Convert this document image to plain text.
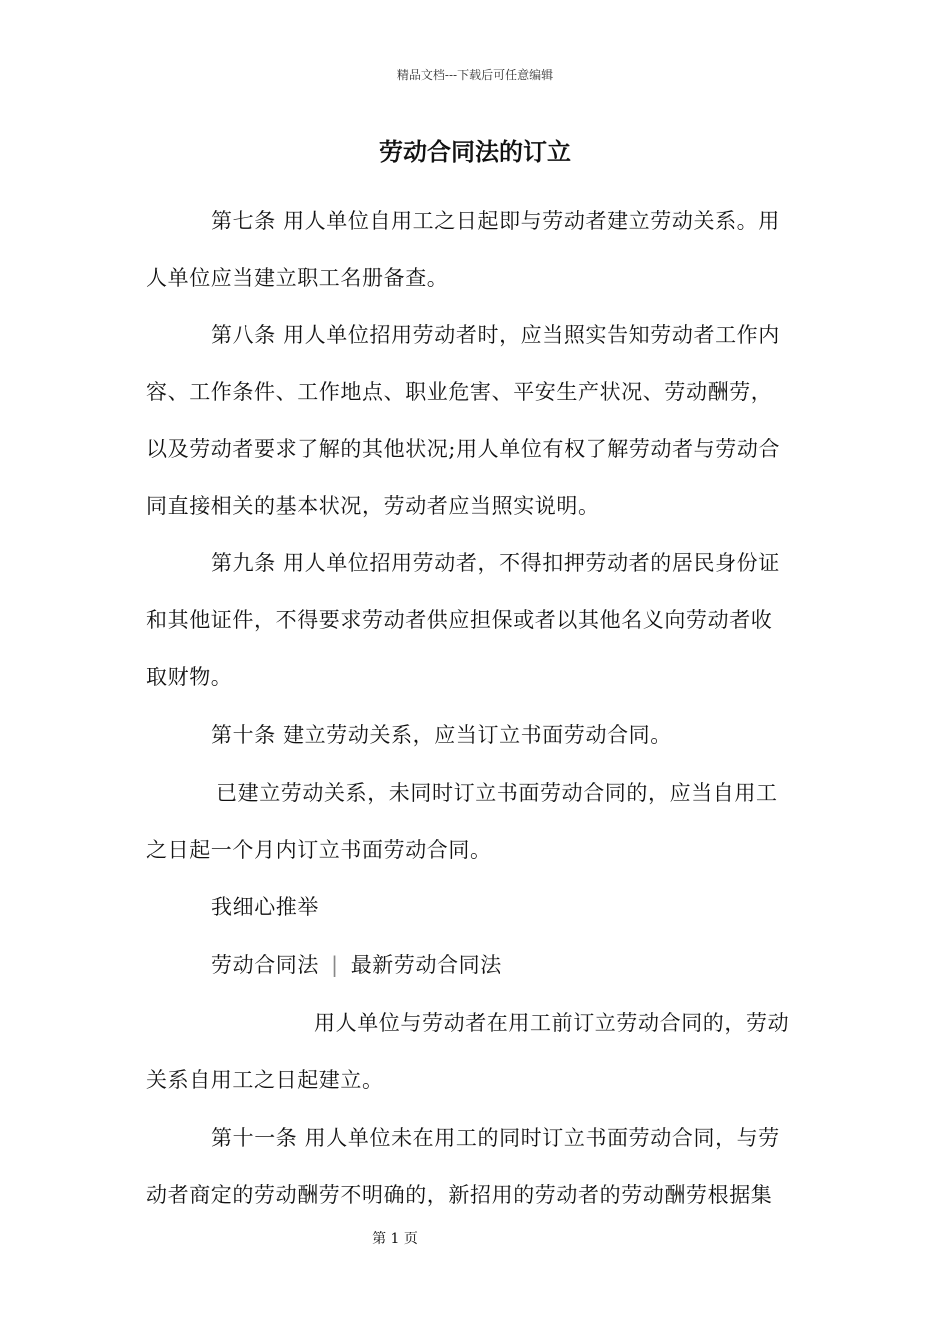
精品文档---下载后可任意编辑
劳动合同法的订立
第七条 用人单位自用工之日起即与劳动者建立劳动关系。用
人单位应当建立职工名册备查。
第八条 用人单位招用劳动者时，应当照实告知劳动者工作内
容、工作条件、工作地点、职业危害、平安生产状况、劳动酬劳，
以及劳动者要求了解的其他状况;用人单位有权了解劳动者与劳动合
同直接相关的基本状况，劳动者应当照实说明。
第九条 用人单位招用劳动者，不得扣押劳动者的居民身份证
和其他证件，不得要求劳动者供应担保或者以其他名义向劳动者收
取财物。
第十条 建立劳动关系，应当订立书面劳动合同。
已建立劳动关系，未同时订立书面劳动合同的，应当自用工
之日起一个月内订立书面劳动合同。
我细心推举
劳动合同法 | 最新劳动合同法
用人单位与劳动者在用工前订立劳动合同的，劳动
关系自用工之日起建立。
第十一条 用人单位未在用工的同时订立书面劳动合同，与劳
动者商定的劳动酬劳不明确的，新招用的劳动者的劳动酬劳根据集
第 1 页
